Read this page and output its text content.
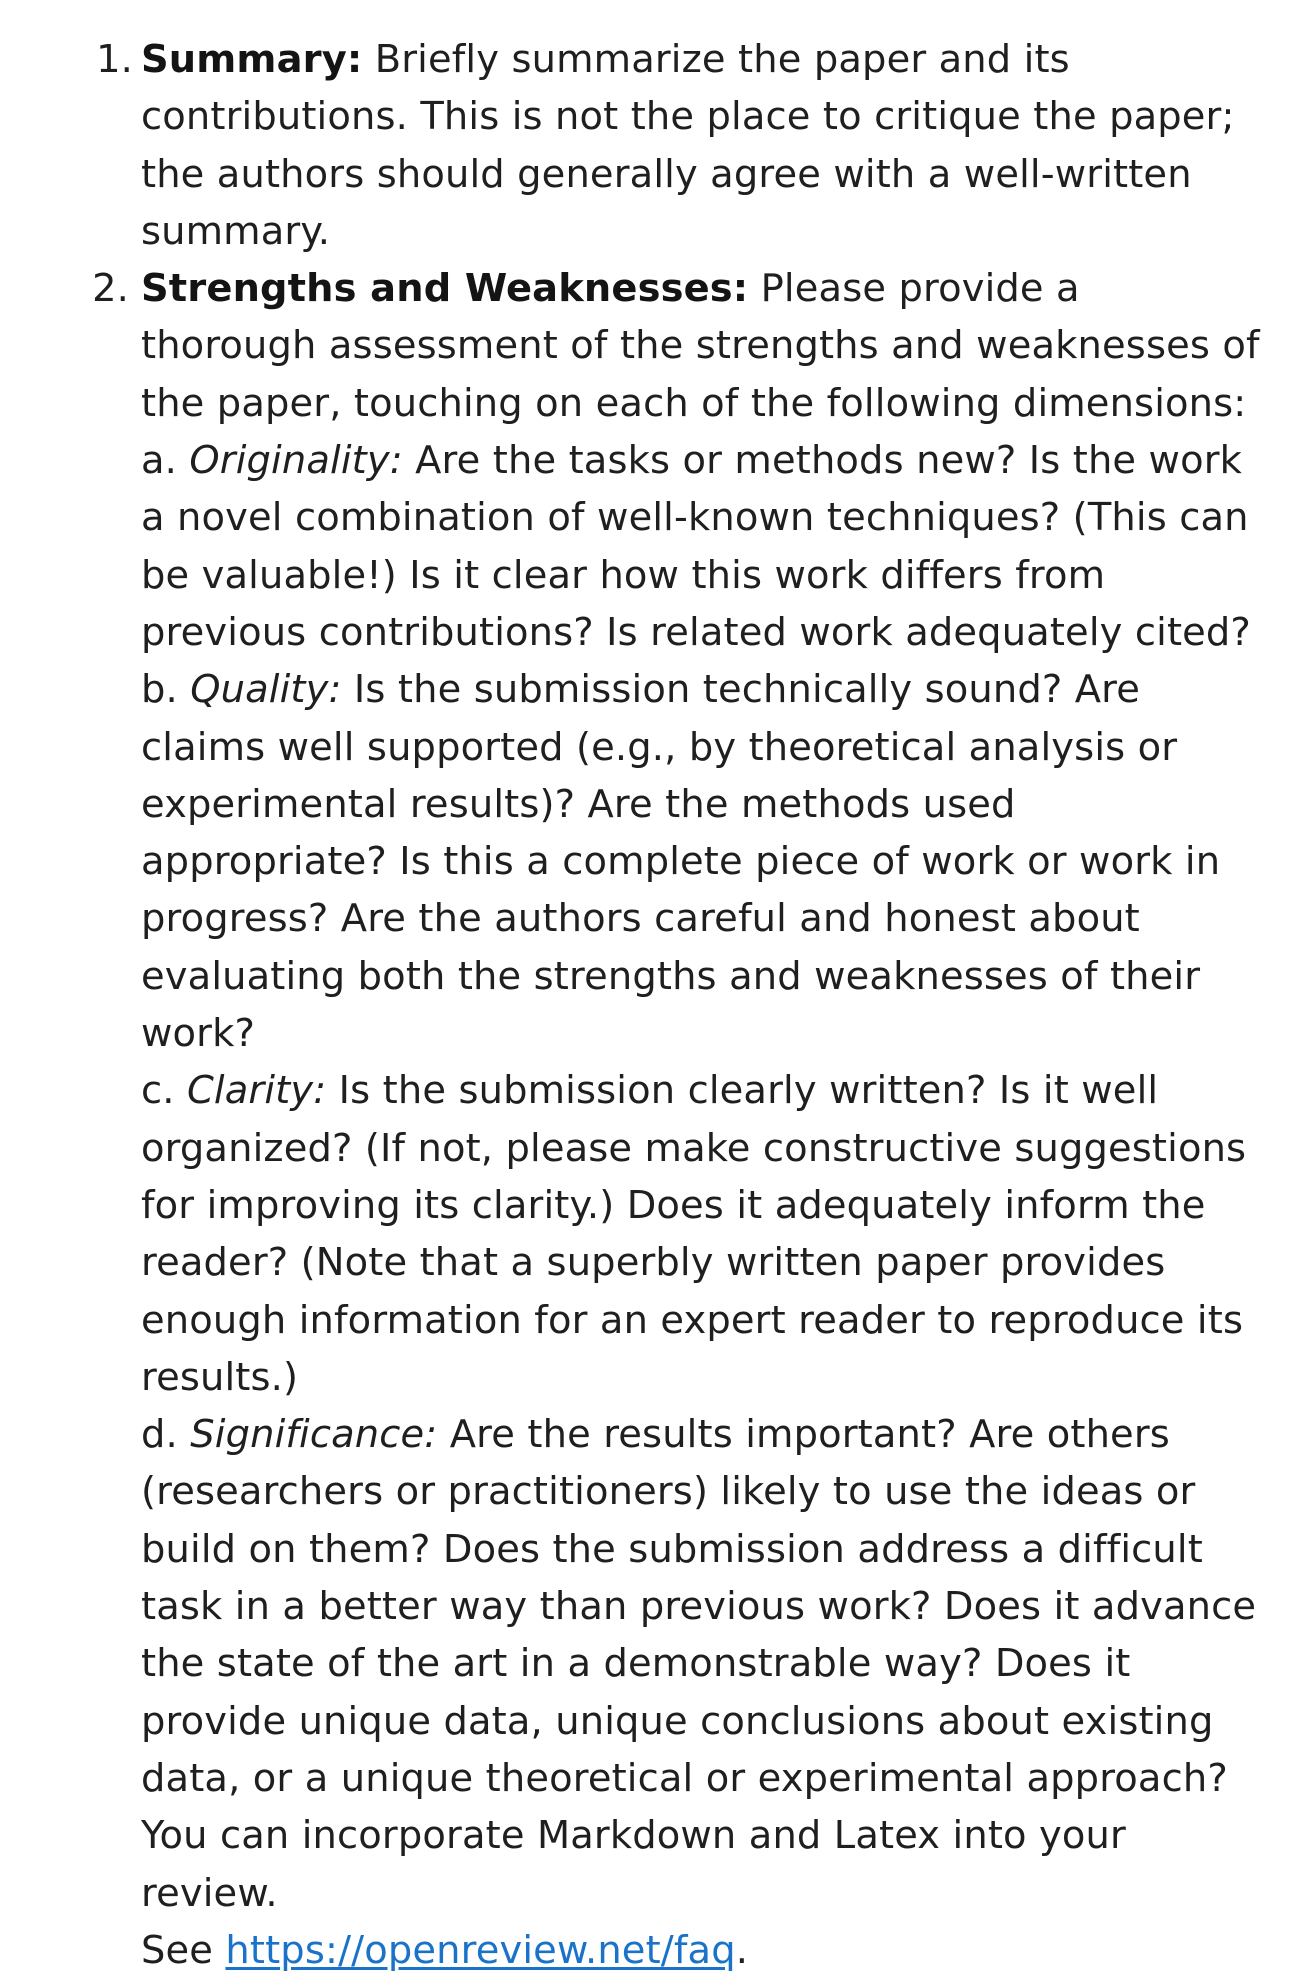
1. Summary: Briefly summarize the paper and its contributions. This is not the place to critique the paper; the authors should generally agree with a well-written summary.
2. Strengths and Weaknesses: Please provide a thorough assessment of the strengths and weaknesses of the paper, touching on each of the following dimensions:
a. Originality: Are the tasks or methods new? Is the work a novel combination of well-known techniques? (This can be valuable!) Is it clear how this work differs from previous contributions? Is related work adequately cited?
b. Quality: Is the submission technically sound? Are claims well supported (e.g., by theoretical analysis or experimental results)? Are the methods used appropriate? Is this a complete piece of work or work in progress? Are the authors careful and honest about evaluating both the strengths and weaknesses of their work?
c. Clarity: Is the submission clearly written? Is it well organized? (If not, please make constructive suggestions for improving its clarity.) Does it adequately inform the reader? (Note that a superbly written paper provides enough information for an expert reader to reproduce its results.)
d. Significance: Are the results important? Are others (researchers or practitioners) likely to use the ideas or build on them? Does the submission address a difficult task in a better way than previous work? Does it advance the state of the art in a demonstrable way? Does it provide unique data, unique conclusions about existing data, or a unique theoretical or experimental approach?
You can incorporate Markdown and Latex into your review.
See https://openreview.net/faq.
